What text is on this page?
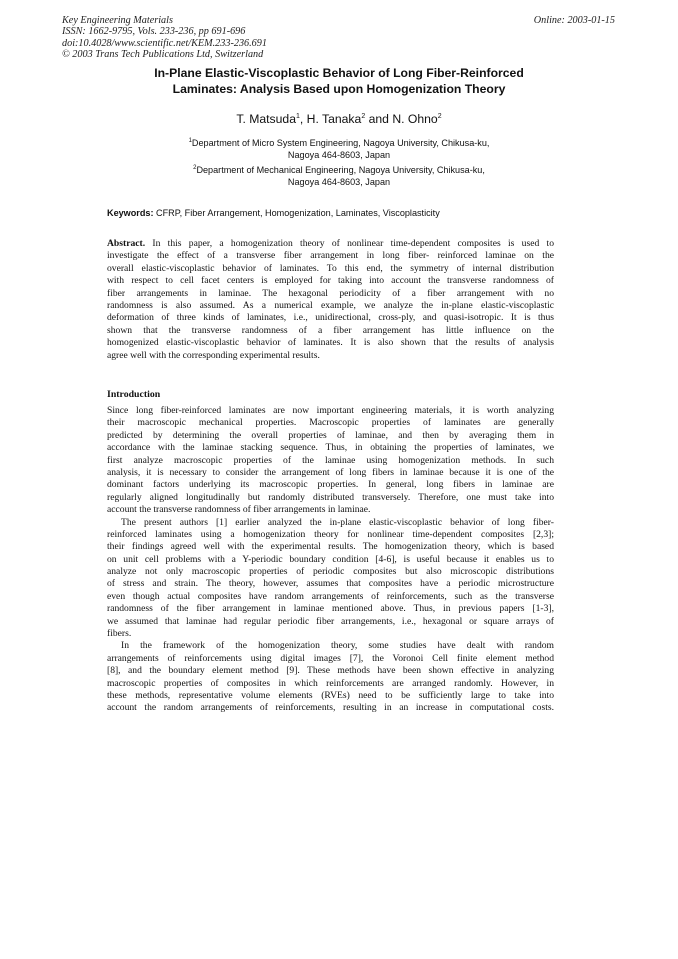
Key Engineering Materials
ISSN: 1662-9795, Vols. 233-236, pp 691-696
doi:10.4028/www.scientific.net/KEM.233-236.691
© 2003 Trans Tech Publications Ltd, Switzerland
Online: 2003-01-15
In-Plane Elastic-Viscoplastic Behavior of Long Fiber-Reinforced
Laminates: Analysis Based upon Homogenization Theory
T. Matsuda$^1$, H. Tanaka$^2$ and N. Ohno$^2$
$^1$Department of Micro System Engineering, Nagoya University, Chikusa-ku,
Nagoya 464-8603, Japan
$^2$Department of Mechanical Engineering, Nagoya University, Chikusa-ku,
Nagoya 464-8603, Japan
Keywords: CFRP, Fiber Arrangement, Homogenization, Laminates, Viscoplasticity
Abstract. In this paper, a homogenization theory of nonlinear time-dependent composites is used to
investigate the effect of a transverse fiber arrangement in long fiber- reinforced laminae on the
overall elastic-viscoplastic behavior of laminates. To this end, the symmetry of internal distribution
with respect to cell facet centers is employed for taking into account the transverse randomness of
fiber arrangements in laminae. The hexagonal periodicity of a fiber arrangement with no
randomness is also assumed. As a numerical example, we analyze the in-plane elastic-viscoplastic
deformation of three kinds of laminates, i.e., unidirectional, cross-ply, and quasi-isotropic. It is thus
shown that the transverse randomness of a fiber arrangement has little influence on the
homogenized elastic-viscoplastic behavior of laminates. It is also shown that the results of analysis
agree well with the corresponding experimental results.
Introduction
Since long fiber-reinforced laminates are now important engineering materials, it is worth analyzing
their macroscopic mechanical properties. Macroscopic properties of laminates are generally
predicted by determining the overall properties of laminae, and then by averaging them in
accordance with the laminae stacking sequence. Thus, in obtaining the properties of laminates, we
first analyze macroscopic properties of the laminae using homogenization methods. In such
analysis, it is necessary to consider the arrangement of long fibers in laminae because it is one of the
dominant factors underlying its macroscopic properties. In general, long fibers in laminae are
regularly aligned longitudinally but randomly distributed transversely. Therefore, one must take into
account the transverse randomness of fiber arrangements in laminae.
The present authors [1] earlier analyzed the in-plane elastic-viscoplastic behavior of long fiber-
reinforced laminates using a homogenization theory for nonlinear time-dependent composites [2,3];
their findings agreed well with the experimental results. The homogenization theory, which is based
on unit cell problems with a Y-periodic boundary condition [4-6], is useful because it enables us to
analyze not only macroscopic properties of periodic composites but also microscopic distributions
of stress and strain. The theory, however, assumes that composites have a periodic microstructure
even though actual composites have random arrangements of reinforcements, such as the transverse
randomness of the fiber arrangement in laminae mentioned above. Thus, in previous papers [1-3],
we assumed that laminae had regular periodic fiber arrangements, i.e., hexagonal or square arrays of
fibers.
In the framework of the homogenization theory, some studies have dealt with random
arrangements of reinforcements using digital images [7], the Voronoi Cell finite element method
[8], and the boundary element method [9]. These methods have been shown effective in analyzing
macroscopic properties of composites in which reinforcements are arranged randomly. However, in
these methods, representative volume elements (RVEs) need to be sufficiently large to take into
account the random arrangements of reinforcements, resulting in an increase in computational costs.
